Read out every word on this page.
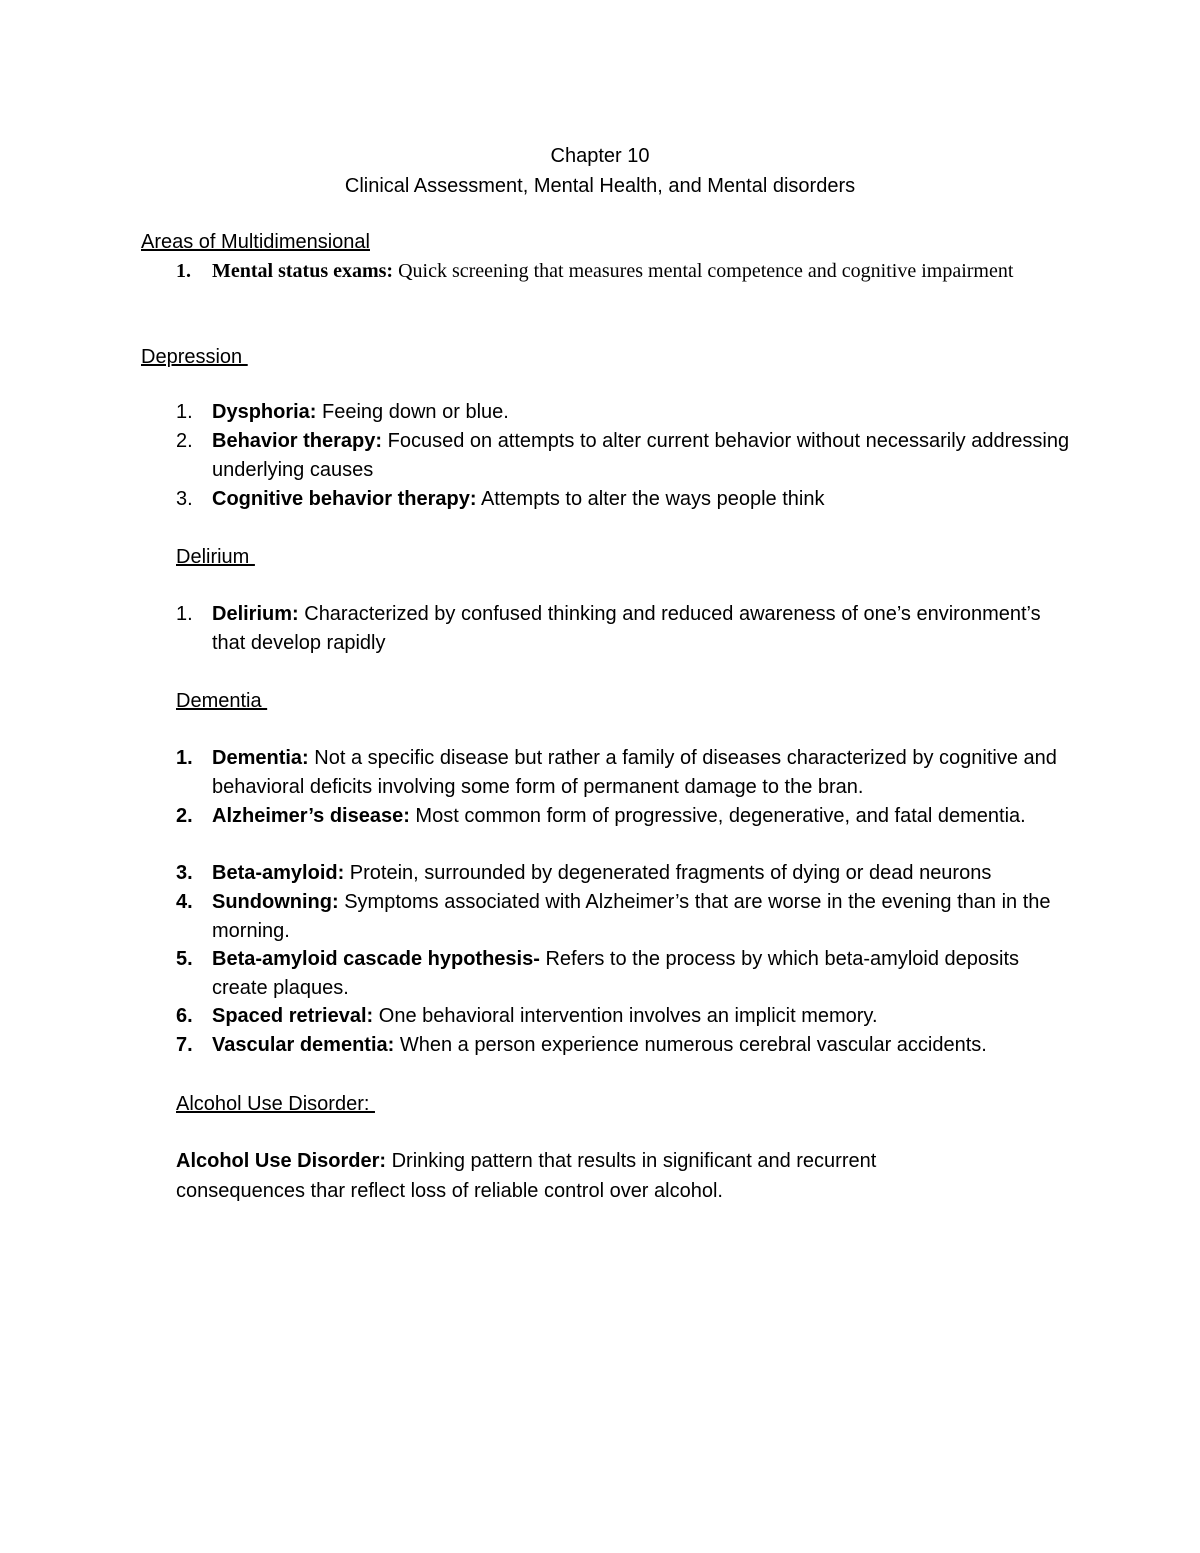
Chapter 10
Clinical Assessment, Mental Health, and Mental disorders
Areas of Multidimensional
1. Mental status exams: Quick screening that measures mental competence and cognitive impairment
Depression
1. Dysphoria: Feeing down or blue.
2. Behavior therapy: Focused on attempts to alter current behavior without necessarily addressing underlying causes
3. Cognitive behavior therapy: Attempts to alter the ways people think
Delirium
1. Delirium: Characterized by confused thinking and reduced awareness of one’s environment’s that develop rapidly
Dementia
1. Dementia: Not a specific disease but rather a family of diseases characterized by cognitive and behavioral deficits involving some form of permanent damage to the bran.
2. Alzheimer’s disease: Most common form of progressive, degenerative, and fatal dementia.
3. Beta-amyloid: Protein, surrounded by degenerated fragments of dying or dead neurons
4. Sundowning: Symptoms associated with Alzheimer’s that are worse in the evening than in the morning.
5. Beta-amyloid cascade hypothesis- Refers to the process by which beta-amyloid deposits create plaques.
6. Spaced retrieval: One behavioral intervention involves an implicit memory.
7. Vascular dementia: When a person experience numerous cerebral vascular accidents.
Alcohol Use Disorder:
Alcohol Use Disorder: Drinking pattern that results in significant and recurrent consequences thar reflect loss of reliable control over alcohol.
